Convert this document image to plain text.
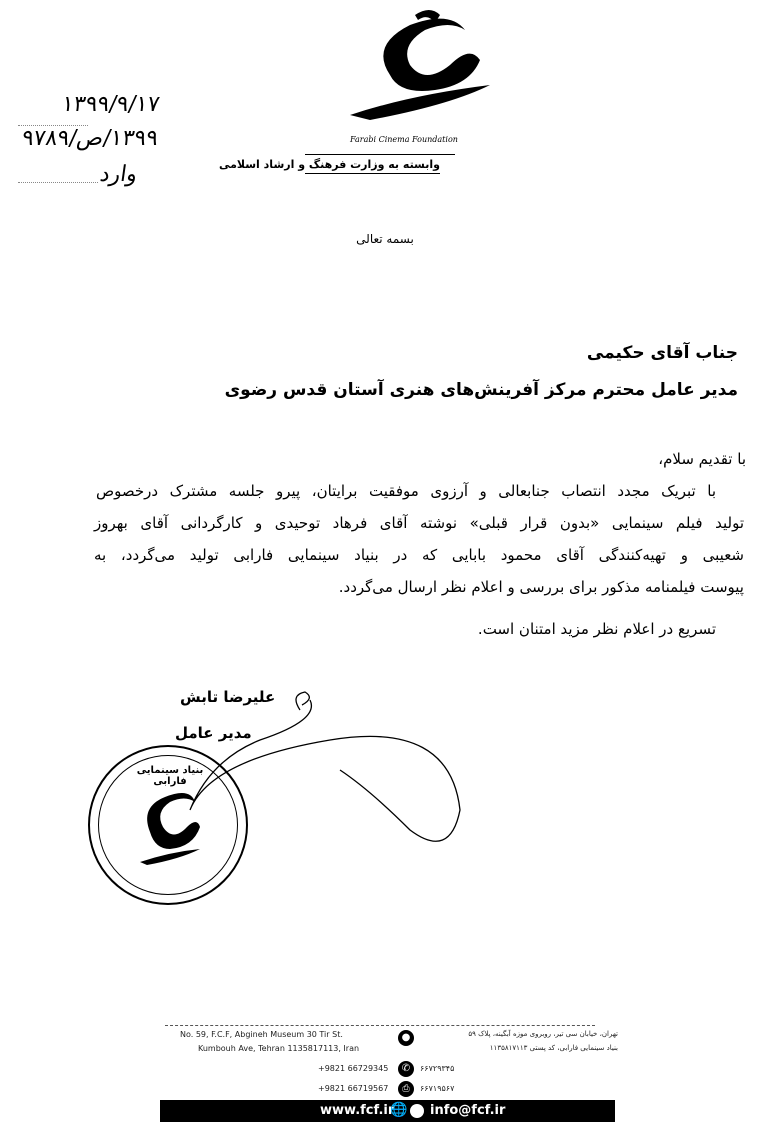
Farabi Cinema Foundation
وابسته به وزارت فرهنگ و ارشاد اسلامی
۱۳۹۹/۹/۱۷
۱۳۹۹/ص/۹۷۸۹
وارد
بسمه تعالی
جناب آقای حکیمی
مدیر عامل محترم مرکز آفرینش‌های هنری آستان قدس رضوی
با تقدیم سلام،
با تبریک مجدد انتصاب جنابعالی و آرزوی موفقیت برایتان، پیرو جلسه مشترک درخصوص
تولید فیلم سینمایی «بدون قرار قبلی» نوشته آقای فرهاد توحیدی و کارگردانی آقای بهروز
شعیبی و تهیه‌کنندگی آقای محمود بابایی که در بنیاد سینمایی فارابی تولید می‌گردد، به
پیوست فیلمنامه مذکور برای بررسی و اعلام نظر ارسال می‌گردد.
تسریع در اعلام نظر مزید امتنان است.
علیرضا تابش
مدیر عامل
بنیاد سینمایی فارابی
No. 59, F.C.F, Abgineh Museum 30 Tir St.
Kumbouh Ave, Tehran 1135817113, Iran
تهران، خیابان سی تیر، روبروی موزه آبگینه، پلاک ۵۹
بنیاد سینمایی فارابی، کد پستی ۱۱۳۵۸۱۷۱۱۳
●
+9821 66729345	✆	۶۶۷۲۹۳۴۵
+9821 66719567	⎙	۶۶۷۱۹۵۶۷
www.fcf.ir
🌐 info@fcf.ir
